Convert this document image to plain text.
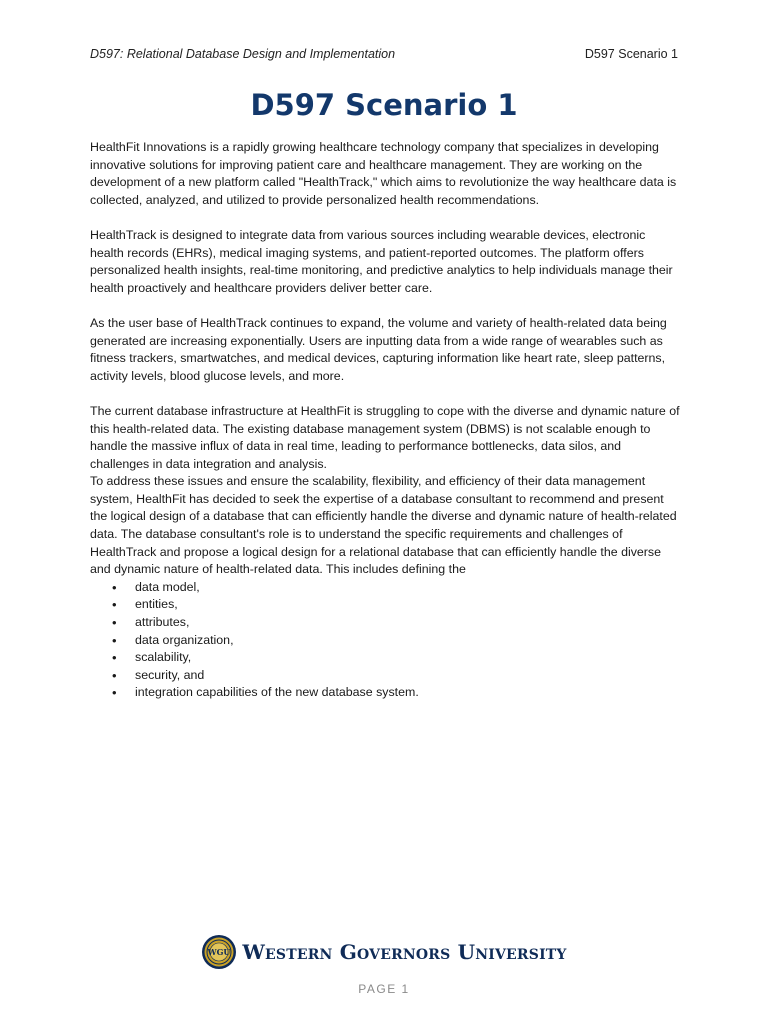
D597: Relational Database Design and Implementation	D597 Scenario 1
D597 Scenario 1

HealthFit Innovations is a rapidly growing healthcare technology company that specializes in developing innovative solutions for improving patient care and healthcare management. They are working on the development of a new platform called "HealthTrack," which aims to revolutionize the way healthcare data is collected, analyzed, and utilized to provide personalized health recommendations.

HealthTrack is designed to integrate data from various sources including wearable devices, electronic health records (EHRs), medical imaging systems, and patient-reported outcomes. The platform offers personalized health insights, real-time monitoring, and predictive analytics to help individuals manage their health proactively and healthcare providers deliver better care.

As the user base of HealthTrack continues to expand, the volume and variety of health-related data being generated are increasing exponentially. Users are inputting data from a wide range of wearables such as fitness trackers, smartwatches, and medical devices, capturing information like heart rate, sleep patterns, activity levels, blood glucose levels, and more.

The current database infrastructure at HealthFit is struggling to cope with the diverse and dynamic nature of this health-related data. The existing database management system (DBMS) is not scalable enough to handle the massive influx of data in real time, leading to performance bottlenecks, data silos, and challenges in data integration and analysis.

To address these issues and ensure the scalability, flexibility, and efficiency of their data management system, HealthFit has decided to seek the expertise of a database consultant to recommend and present the logical design of a database that can efficiently handle the diverse and dynamic nature of health-related data. The database consultant's role is to understand the specific requirements and challenges of HealthTrack and propose a logical design for a relational database that can efficiently handle the diverse and dynamic nature of health-related data. This includes defining the

• data model,
• entities,
• attributes,
• data organization,
• scalability,
• security, and
• integration capabilities of the new database system.
WGU Western Governors University
PAGE 1
